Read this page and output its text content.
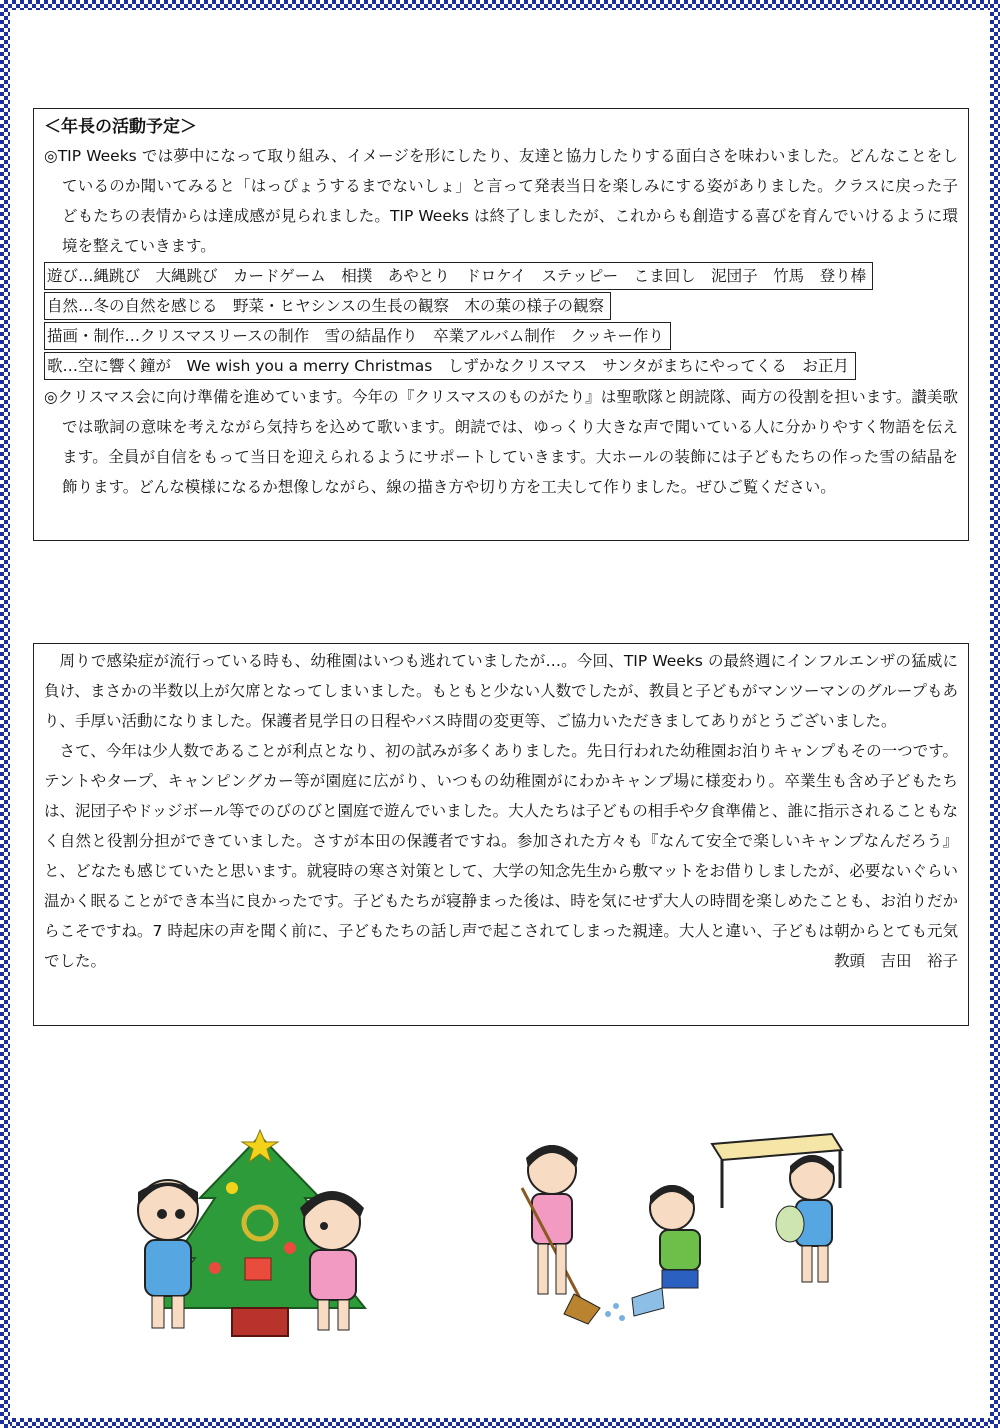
＜年長の活動予定＞

◎TIP Weeks では夢中になって取り組み、イメージを形にしたり、友達と協力したりする面白さを味わいました。どんなことをしているのか聞いてみると「はっぴょうするまでないしょ」と言って発表当日を楽しみにする姿がありました。クラスに戻った子どもたちの表情からは達成感が見られました。TIP Weeks は終了しましたが、これからも創造する喜びを育んでいけるように環境を整えていきます。

遊び…縄跳び　大縄跳び　カードゲーム　相撲　あやとり　ドロケイ　ステッピー　こま回し　泥団子　竹馬　登り棒
自然…冬の自然を感じる　野菜・ヒヤシンスの生長の観察　木の葉の様子の観察
描画・制作…クリスマスリースの制作　雪の結晶作り　卒業アルバム制作　クッキー作り
歌…空に響く鐘が　We wish you a merry Christmas　しずかなクリスマス　サンタがまちにやってくる　お正月

◎クリスマス会に向け準備を進めています。今年の『クリスマスのものがたり』は聖歌隊と朗読隊、両方の役割を担います。讃美歌では歌詞の意味を考えながら気持ちを込めて歌います。朗読では、ゆっくり大きな声で聞いている人に分かりやすく物語を伝えます。全員が自信をもって当日を迎えられるようにサポートしていきます。大ホールの装飾には子どもたちの作った雪の結晶を飾ります。どんな模様になるか想像しながら、線の描き方や切り方を工夫して作りました。ぜひご覧ください。

周りで感染症が流行っている時も、幼稚園はいつも逃れていましたが…。今回、TIP Weeks の最終週にインフルエンザの猛威に負け、まさかの半数以上が欠席となってしまいました。もともと少ない人数でしたが、教員と子どもがマンツーマンのグループもあり、手厚い活動になりました。保護者見学日の日程やバス時間の変更等、ご協力いただきましてありがとうございました。

さて、今年は少人数であることが利点となり、初の試みが多くありました。先日行われた幼稚園お泊りキャンプもその一つです。テントやタープ、キャンピングカー等が園庭に広がり、いつもの幼稚園がにわかキャンプ場に様変わり。卒業生も含め子どもたちは、泥団子やドッジボール等でのびのびと園庭で遊んでいました。大人たちは子どもの相手や夕食準備と、誰に指示されることもなく自然と役割分担ができていました。さすが本田の保護者ですね。参加された方々も『なんて安全で楽しいキャンプなんだろう』と、どなたも感じていたと思います。就寝時の寒さ対策として、大学の知念先生から敷マットをお借りしましたが、必要ないぐらい温かく眠ることができ本当に良かったです。子どもたちが寝静まった後は、時を気にせず大人の時間を楽しめたことも、お泊りだからこそですね。7 時起床の声を聞く前に、子どもたちの話し声で起こされてしまった親達。大人と違い、子どもは朝からとても元気でした。	教頭　吉田　裕子
